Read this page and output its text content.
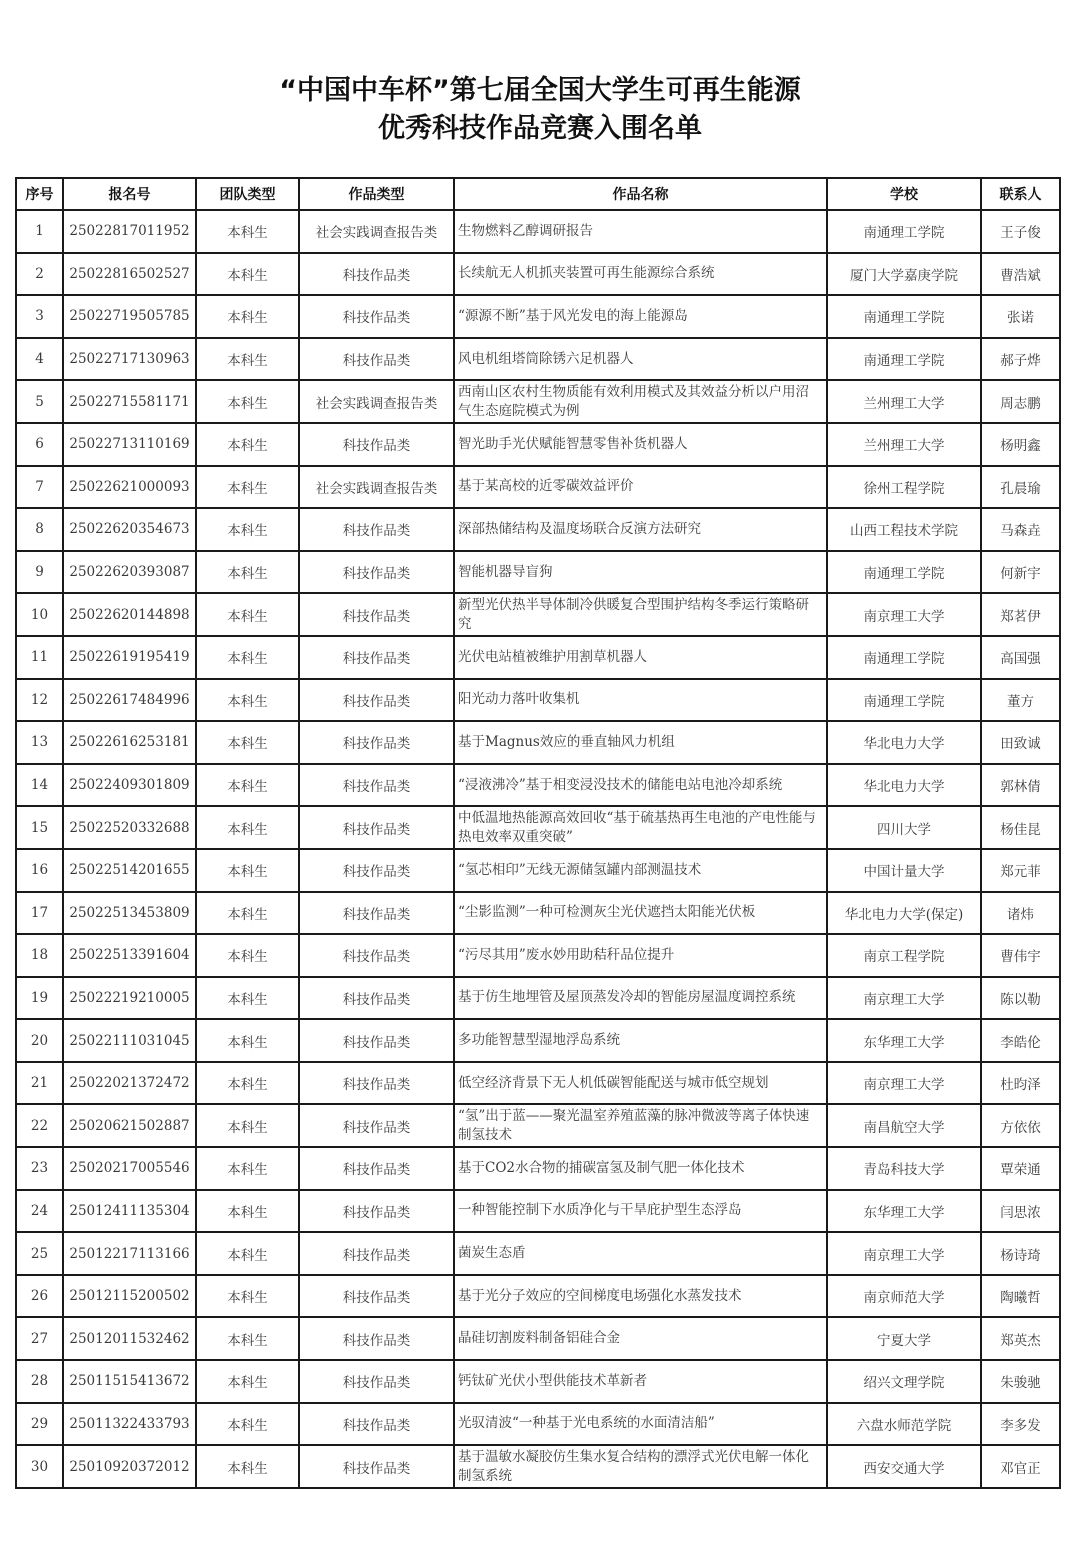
“中国中车杯”第七届全国大学生可再生能源
优秀科技作品竞赛入围名单
序号	报名号	团队类型	作品类型	作品名称	学校	联系人
1	25022817011952	本科生	社会实践调查报告类	生物燃料乙醇调研报告	南通理工学院	王子俊
2	25022816502527	本科生	科技作品类	长续航无人机抓夹装置可再生能源综合系统	厦门大学嘉庚学院	曹浩斌
3	25022719505785	本科生	科技作品类	“源源不断”基于风光发电的海上能源岛	南通理工学院	张诺
4	25022717130963	本科生	科技作品类	风电机组塔筒除锈六足机器人	南通理工学院	郝子烨
5	25022715581171	本科生	社会实践调查报告类	西南山区农村生物质能有效利用模式及其效益分析以户用沼气生态庭院模式为例	兰州理工大学	周志鹏
6	25022713110169	本科生	科技作品类	智光助手光伏赋能智慧零售补货机器人	兰州理工大学	杨明鑫
7	25022621000093	本科生	社会实践调查报告类	基于某高校的近零碳效益评价	徐州工程学院	孔晨瑜
8	25022620354673	本科生	科技作品类	深部热储结构及温度场联合反演方法研究	山西工程技术学院	马森垚
9	25022620393087	本科生	科技作品类	智能机器导盲狗	南通理工学院	何新宇
10	25022620144898	本科生	科技作品类	新型光伏热半导体制冷供暖复合型围护结构冬季运行策略研究	南京理工大学	郑茗伊
11	25022619195419	本科生	科技作品类	光伏电站植被维护用割草机器人	南通理工学院	高国强
12	25022617484996	本科生	科技作品类	阳光动力落叶收集机	南通理工学院	董方
13	25022616253181	本科生	科技作品类	基于Magnus效应的垂直轴风力机组	华北电力大学	田致诚
14	25022409301809	本科生	科技作品类	“浸液沸冷”基于相变浸没技术的储能电站电池冷却系统	华北电力大学	郭林倩
15	25022520332688	本科生	科技作品类	中低温地热能源高效回收“基于硫基热再生电池的产电性能与热电效率双重突破”	四川大学	杨佳昆
16	25022514201655	本科生	科技作品类	“氢芯相印”无线无源储氢罐内部测温技术	中国计量大学	郑元菲
17	25022513453809	本科生	科技作品类	“尘影监测”一种可检测灰尘光伏遮挡太阳能光伏板	华北电力大学(保定)	诸炜
18	25022513391604	本科生	科技作品类	“污尽其用”废水妙用助秸秆品位提升	南京工程学院	曹伟宇
19	25022219210005	本科生	科技作品类	基于仿生地埋管及屋顶蒸发冷却的智能房屋温度调控系统	南京理工大学	陈以勒
20	25022111031045	本科生	科技作品类	多功能智慧型湿地浮岛系统	东华理工大学	李皓伦
21	25022021372472	本科生	科技作品类	低空经济背景下无人机低碳智能配送与城市低空规划	南京理工大学	杜昀泽
22	25020621502887	本科生	科技作品类	“氢”出于蓝——聚光温室养殖蓝藻的脉冲微波等离子体快速制氢技术	南昌航空大学	方依依
23	25020217005546	本科生	科技作品类	基于CO2水合物的捕碳富氢及制气肥一体化技术	青岛科技大学	覃荣通
24	25012411135304	本科生	科技作品类	一种智能控制下水质净化与干旱庇护型生态浮岛	东华理工大学	闫思浓
25	25012217113166	本科生	科技作品类	菌炭生态盾	南京理工大学	杨诗琦
26	25012115200502	本科生	科技作品类	基于光分子效应的空间梯度电场强化水蒸发技术	南京师范大学	陶曦哲
27	25012011532462	本科生	科技作品类	晶硅切割废料制备铝硅合金	宁夏大学	郑英杰
28	25011515413672	本科生	科技作品类	钙钛矿光伏小型供能技术革新者	绍兴文理学院	朱骏驰
29	25011322433793	本科生	科技作品类	光驭清波“一种基于光电系统的水面清洁船”	六盘水师范学院	李多发
30	25010920372012	本科生	科技作品类	基于温敏水凝胶仿生集水复合结构的漂浮式光伏电解一体化制氢系统	西安交通大学	邓官正
